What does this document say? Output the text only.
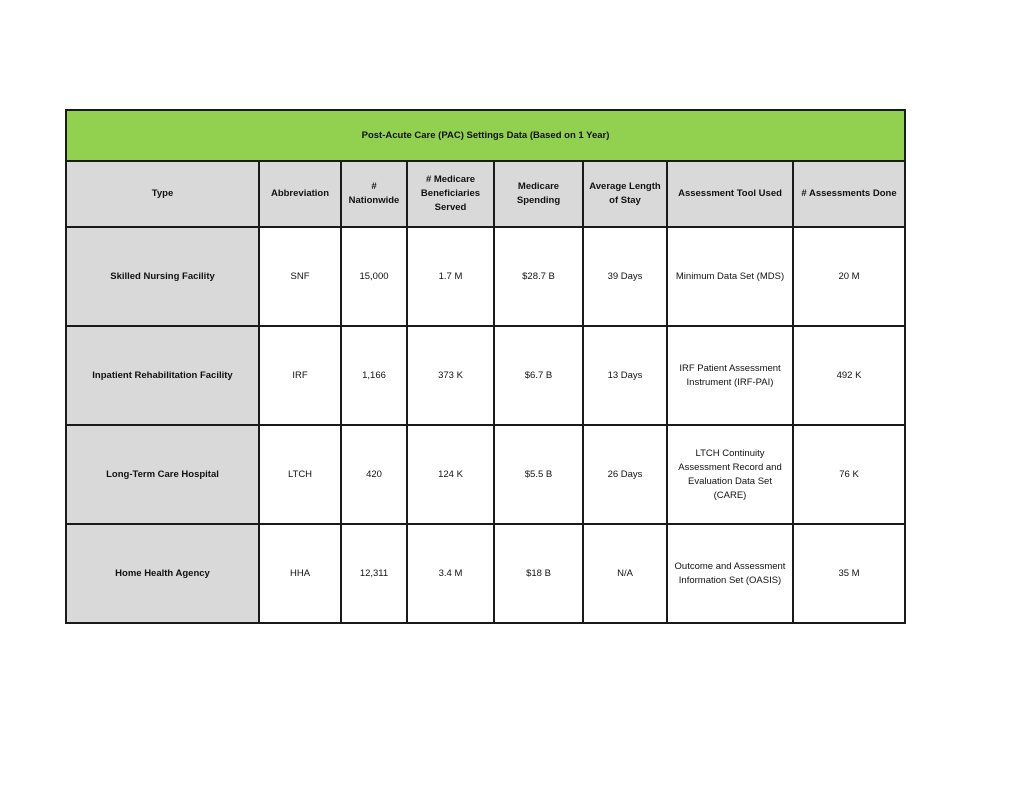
Post-Acute Care (PAC) Settings Data (Based on 1 Year)							
Type	Abbreviation	# Nationwide	# Medicare Beneficiaries Served	Medicare Spending	Average Length of Stay	Assessment Tool Used	# Assessments Done
Skilled Nursing Facility	SNF	15,000	1.7 M	$28.7 B	39 Days	Minimum Data Set (MDS)	20 M
Inpatient Rehabilitation Facility	IRF	1,166	373 K	$6.7 B	13 Days	IRF Patient Assessment Instrument (IRF-PAI)	492 K
Long-Term Care Hospital	LTCH	420	124 K	$5.5 B	26 Days	LTCH Continuity Assessment Record and Evaluation Data Set (CARE)	76 K
Home Health Agency	HHA	12,311	3.4 M	$18 B	N/A	Outcome and Assessment Information Set (OASIS)	35 M
